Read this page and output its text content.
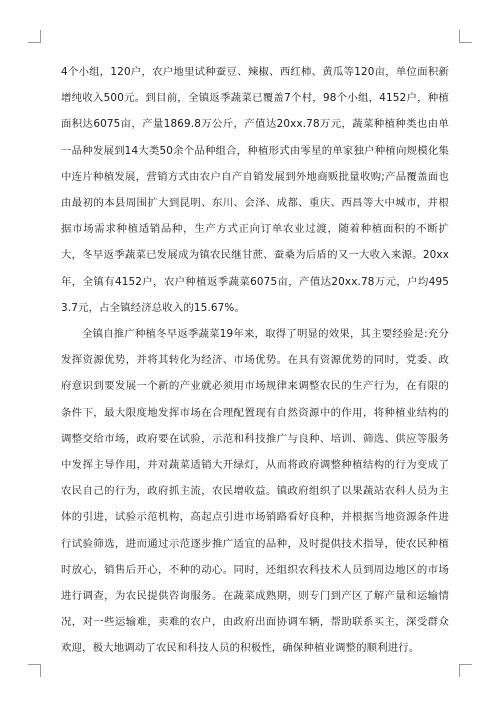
4个小组，120户，农户地里试种蚕豆、辣椒、西红柿、黄瓜等120亩，单位面积新增纯收入500元。到目前，全镇返季蔬菜已覆盖7个村，98个小组，4152户，种植面积达6075亩，产量1869.8万公斤，产值达20xx.78万元，蔬菜种植种类也由单一品种发展到14大类50余个品种组合，种植形式由零星的单家独户种植向规模化集中连片种植发展，营销方式由农户自产自销发展到外地商贩批量收购;产品覆盖面也由最初的本县周围扩大到昆明、东川、会泽、成都、重庆、西昌等大中城市，并根据市场需求种植适销品种，生产方式正向订单农业过渡，随着种植面积的不断扩大，冬早返季蔬菜已发展成为镇农民继甘蔗、蚕桑为后盾的又一大收入来源。20xx年，全镇有4152户，农户种植返季蔬菜6075亩，产值达20xx.78万元，户均4953.7元，占全镇经济总收入的15.67%。

全镇自推广种植冬早返季蔬菜19年来，取得了明显的效果，其主要经验是:充分发挥资源优势，并将其转化为经济、市场优势。在具有资源优势的同时，党委、政府意识到要发展一个新的产业就必须用市场规律来调整农民的生产行为，在有限的条件下，最大限度地发挥市场在合理配置现有自然资源中的作用，将种植业结构的调整交给市场，政府要在试验，示范和科技推广与良种、培训、筛选、供应等服务中发挥主导作用，并对蔬菜适销大开绿灯，从而将政府调整种植结构的行为变成了农民自己的行为，政府抓主流，农民增收益。镇政府组织了以果蔬站农科人员为主体的引进，试验示范机构，高起点引进市场销路看好良种，并根据当地资源条件进行试验筛选，进而通过示范逐步推广适宜的品种，及时提供技术指导，使农民种植时放心，销售后开心，不种的动心。同时，还组织农科技术人员到周边地区的市场进行调查，为农民提供咨询服务。在蔬菜成熟期，则专门到产区了解产量和运输情况，对一些运输难，卖难的农户，由政府出面协调车辆，帮助联系买主，深受群众欢迎，极大地调动了农民和科技人员的积极性，确保种植业调整的顺利进行。
